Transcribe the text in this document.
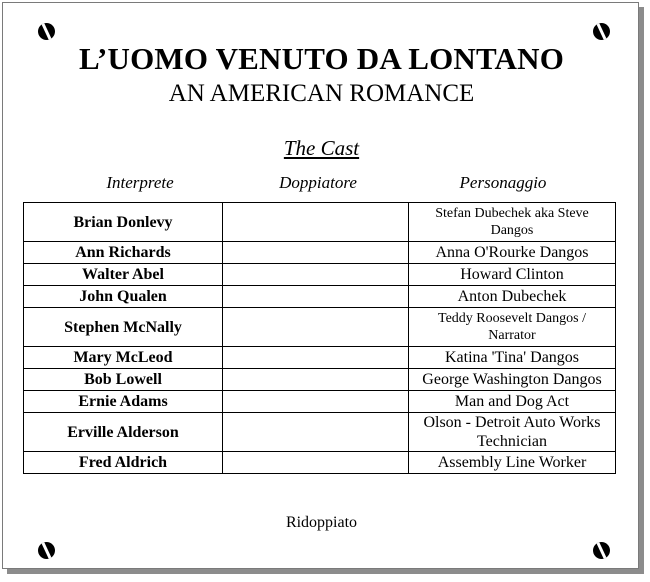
L’UOMO VENUTO DA LONTANO
AN AMERICAN ROMANCE
The Cast
Interprete	Doppiatore	Personaggio
Brian Donlevy		Stefan Dubechek aka Steve Dangos
Ann Richards		Anna O'Rourke Dangos
Walter Abel		Howard Clinton
John Qualen		Anton Dubechek
Stephen McNally		Teddy Roosevelt Dangos / Narrator
Mary McLeod		Katina 'Tina' Dangos
Bob Lowell		George Washington Dangos
Ernie Adams		Man and Dog Act
Erville Alderson		Olson - Detroit Auto Works Technician
Fred Aldrich		Assembly Line Worker
Ridoppiato
